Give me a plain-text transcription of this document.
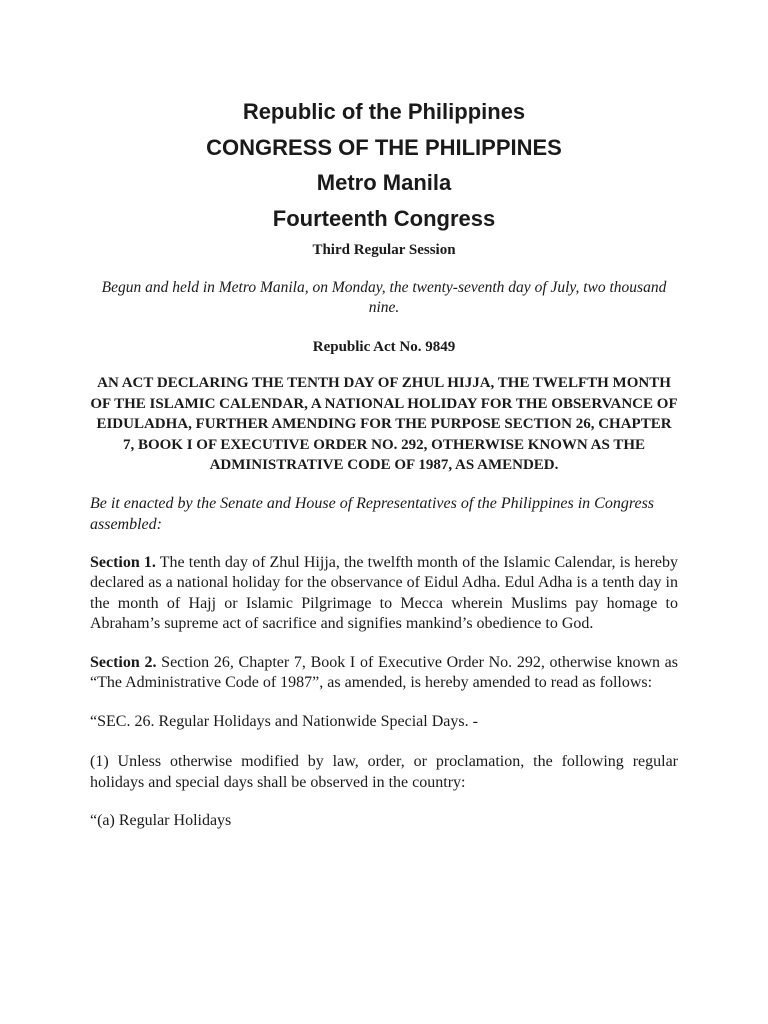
Republic of the Philippines

CONGRESS OF THE PHILIPPINES

Metro Manila

Fourteenth Congress

Third Regular Session

Begun and held in Metro Manila, on Monday, the twenty-seventh day of July, two thousand nine.

Republic Act No. 9849

AN ACT DECLARING THE TENTH DAY OF ZHUL HIJJA, THE TWELFTH MONTH OF THE ISLAMIC CALENDAR, A NATIONAL HOLIDAY FOR THE OBSERVANCE OF EIDULADHA, FURTHER AMENDING FOR THE PURPOSE SECTION 26, CHAPTER 7, BOOK I OF EXECUTIVE ORDER NO. 292, OTHERWISE KNOWN AS THE ADMINISTRATIVE CODE OF 1987, AS AMENDED.

Be it enacted by the Senate and House of Representatives of the Philippines in Congress assembled:

Section 1. The tenth day of Zhul Hijja, the twelfth month of the Islamic Calendar, is hereby declared as a national holiday for the observance of Eidul Adha. Edul Adha is a tenth day in the month of Hajj or Islamic Pilgrimage to Mecca wherein Muslims pay homage to Abraham’s supreme act of sacrifice and signifies mankind’s obedience to God.

Section 2. Section 26, Chapter 7, Book I of Executive Order No. 292, otherwise known as “The Administrative Code of 1987”, as amended, is hereby amended to read as follows:

“SEC. 26. Regular Holidays and Nationwide Special Days. -

(1) Unless otherwise modified by law, order, or proclamation, the following regular holidays and special days shall be observed in the country:

“(a) Regular Holidays
